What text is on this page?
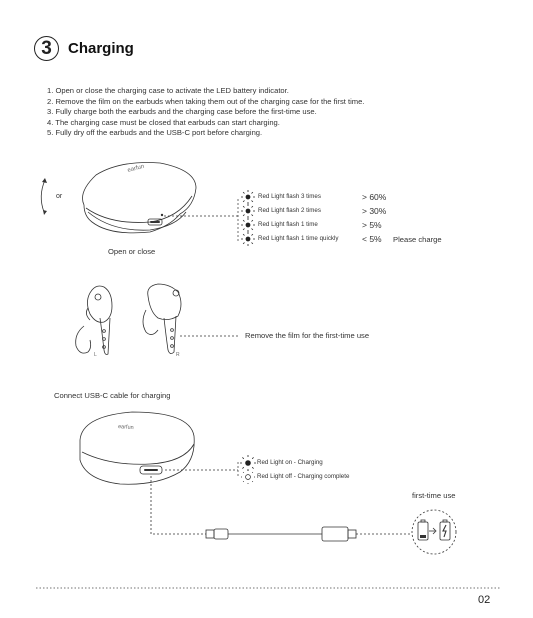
3	Charging
1. Open or close the charging case to activate the LED battery indicator.
2. Remove the film on the earbuds when taking them out of the charging case for the first time.
3. Fully charge both the earbuds and the charging case before the first-time use.
4. The charging case must be closed that earbuds can start charging.
5. Fully dry off the earbuds and the USB-C port before charging.
or
earfun
Open or close
L	R
Remove the film for the first-time use
Connect USB-C cable for charging
earfun
first-time use
Red Light flash 3 times
Red Light flash 2 times
Red Light flash 1 time
Red Light flash 1 time quickly
> 60%
> 30%
> 5%
< 5% Please charge
Red Light on - Charging
Red Light off - Charging complete
02
